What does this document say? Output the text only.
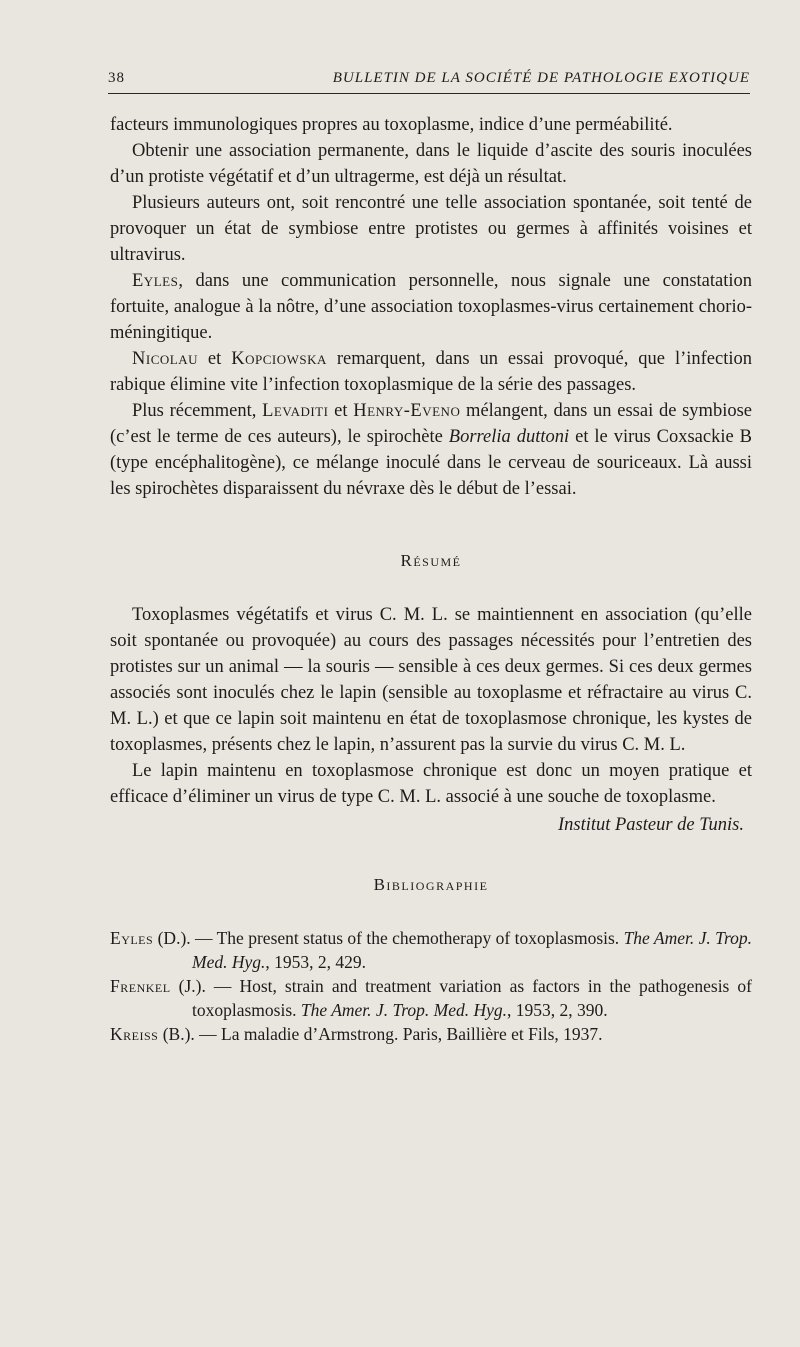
38	BULLETIN DE LA SOCIÉTÉ DE PATHOLOGIE EXOTIQUE

facteurs immunologiques propres au toxoplasme, indice d’une perméabilité.

Obtenir une association permanente, dans le liquide d’ascite des souris inoculées d’un protiste végétatif et d’un ultragerme, est déjà un résultat.

Plusieurs auteurs ont, soit rencontré une telle association spontanée, soit tenté de provoquer un état de symbiose entre protistes ou germes à affinités voisines et ultravirus.

Eyles, dans une communication personnelle, nous signale une constatation fortuite, analogue à la nôtre, d’une association toxoplasmes-virus certainement chorio-méningitique.

Nicolau et Kopciowska remarquent, dans un essai provoqué, que l’infection rabique élimine vite l’infection toxoplasmique de la série des passages.

Plus récemment, Levaditi et Henry-Eveno mélangent, dans un essai de symbiose (c’est le terme de ces auteurs), le spirochète Borrelia duttoni et le virus Coxsackie B (type encéphalitogène), ce mélange inoculé dans le cerveau de souriceaux. Là aussi les spirochètes disparaissent du névraxe dès le début de l’essai.

Résumé

Toxoplasmes végétatifs et virus C. M. L. se maintiennent en association (qu’elle soit spontanée ou provoquée) au cours des passages nécessités pour l’entretien des protistes sur un animal — la souris — sensible à ces deux germes. Si ces deux germes associés sont inoculés chez le lapin (sensible au toxoplasme et réfractaire au virus C. M. L.) et que ce lapin soit maintenu en état de toxoplasmose chronique, les kystes de toxoplasmes, présents chez le lapin, n’assurent pas la survie du virus C. M. L.

Le lapin maintenu en toxoplasmose chronique est donc un moyen pratique et efficace d’éliminer un virus de type C. M. L. associé à une souche de toxoplasme.

Institut Pasteur de Tunis.

Bibliographie

Eyles (D.). — The present status of the chemotherapy of toxoplasmosis. The Amer. J. Trop. Med. Hyg., 1953, 2, 429.

Frenkel (J.). — Host, strain and treatment variation as factors in the pathogenesis of toxoplasmosis. The Amer. J. Trop. Med. Hyg., 1953, 2, 390.

Kreiss (B.). — La maladie d’Armstrong. Paris, Baillière et Fils, 1937.
